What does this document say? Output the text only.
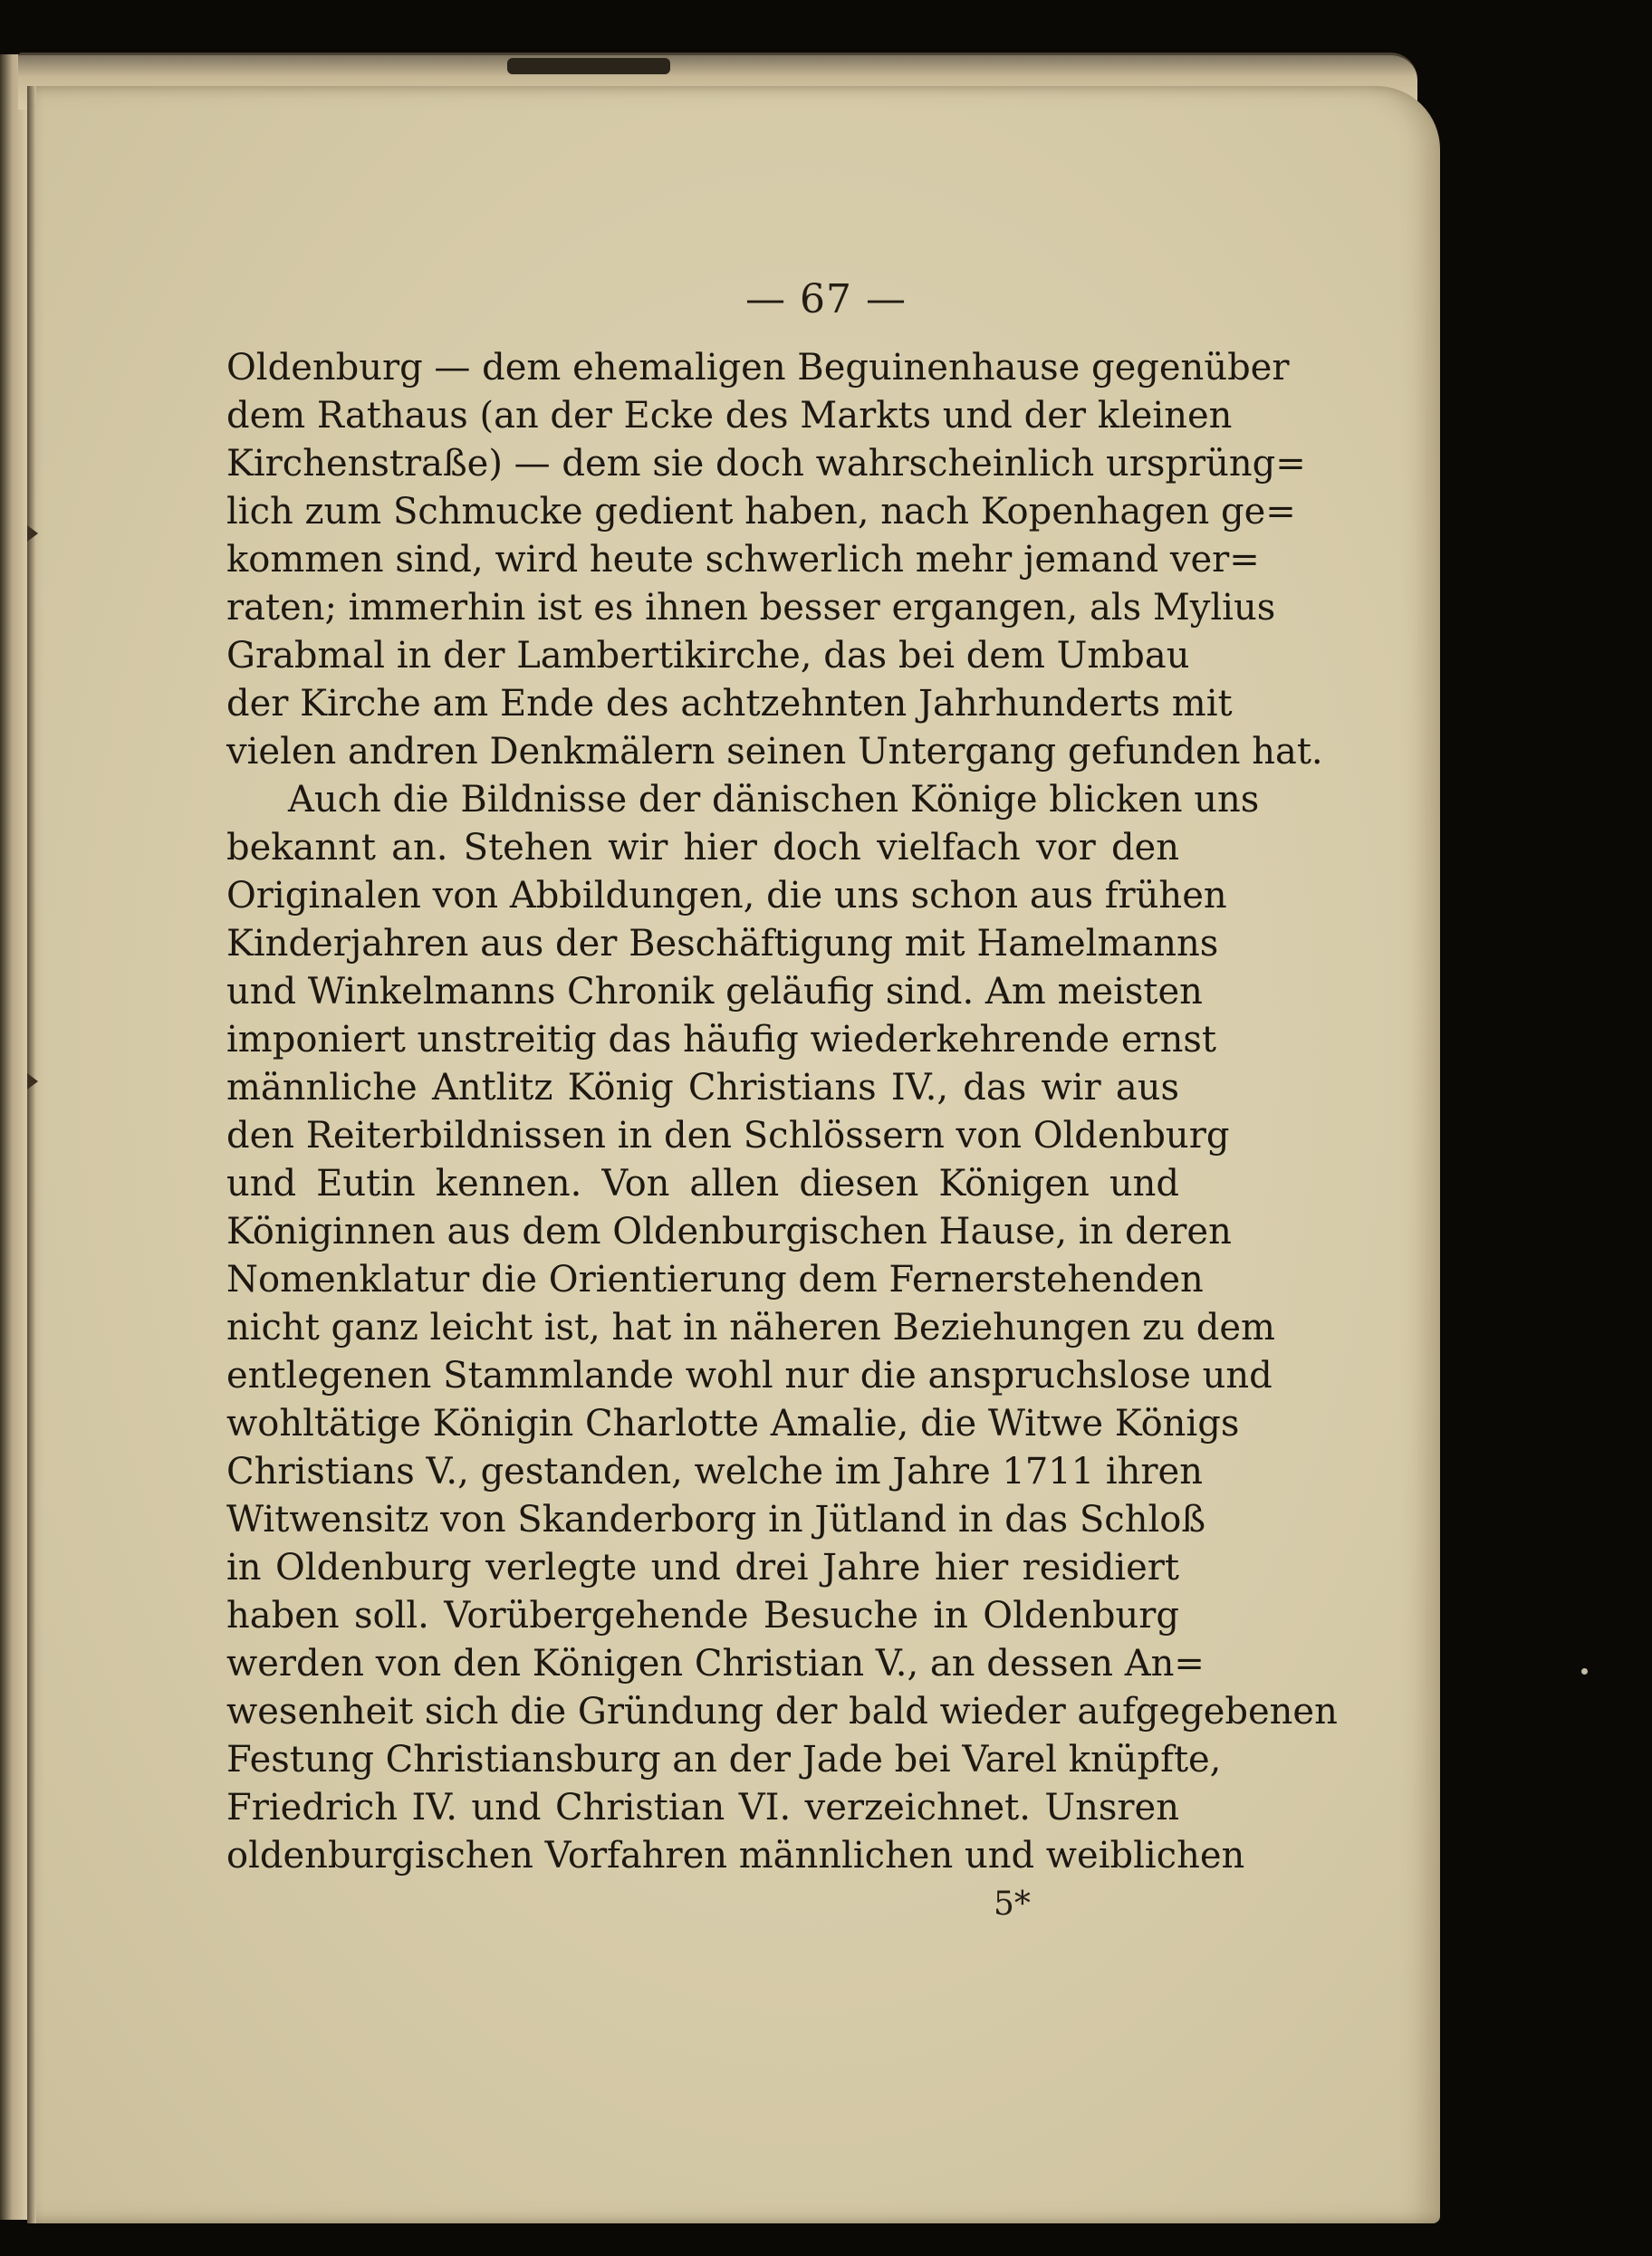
— 67 —
Oldenburg — dem ehemaligen Beguinenhause gegenüber
dem Rathaus (an der Ecke des Markts und der kleinen
Kirchenstraße) — dem sie doch wahrscheinlich ursprüng=
lich zum Schmucke gedient haben, nach Kopenhagen ge=
kommen sind, wird heute schwerlich mehr jemand ver=
raten; immerhin ist es ihnen besser ergangen, als Mylius
Grabmal in der Lambertikirche, das bei dem Umbau
der Kirche am Ende des achtzehnten Jahrhunderts mit
vielen andren Denkmälern seinen Untergang gefunden hat.
Auch die Bildnisse der dänischen Könige blicken uns
bekannt an. Stehen wir hier doch vielfach vor den
Originalen von Abbildungen, die uns schon aus frühen
Kinderjahren aus der Beschäftigung mit Hamelmanns
und Winkelmanns Chronik geläufig sind. Am meisten
imponiert unstreitig das häufig wiederkehrende ernst
männliche Antlitz König Christians IV., das wir aus
den Reiterbildnissen in den Schlössern von Oldenburg
und Eutin kennen. Von allen diesen Königen und
Königinnen aus dem Oldenburgischen Hause, in deren
Nomenklatur die Orientierung dem Fernerstehenden
nicht ganz leicht ist, hat in näheren Beziehungen zu dem
entlegenen Stammlande wohl nur die anspruchslose und
wohltätige Königin Charlotte Amalie, die Witwe Königs
Christians V., gestanden, welche im Jahre 1711 ihren
Witwensitz von Skanderborg in Jütland in das Schloß
in Oldenburg verlegte und drei Jahre hier residiert
haben soll. Vorübergehende Besuche in Oldenburg
werden von den Königen Christian V., an dessen An=
wesenheit sich die Gründung der bald wieder aufgegebenen
Festung Christiansburg an der Jade bei Varel knüpfte,
Friedrich IV. und Christian VI. verzeichnet. Unsren
oldenburgischen Vorfahren männlichen und weiblichen
5*
